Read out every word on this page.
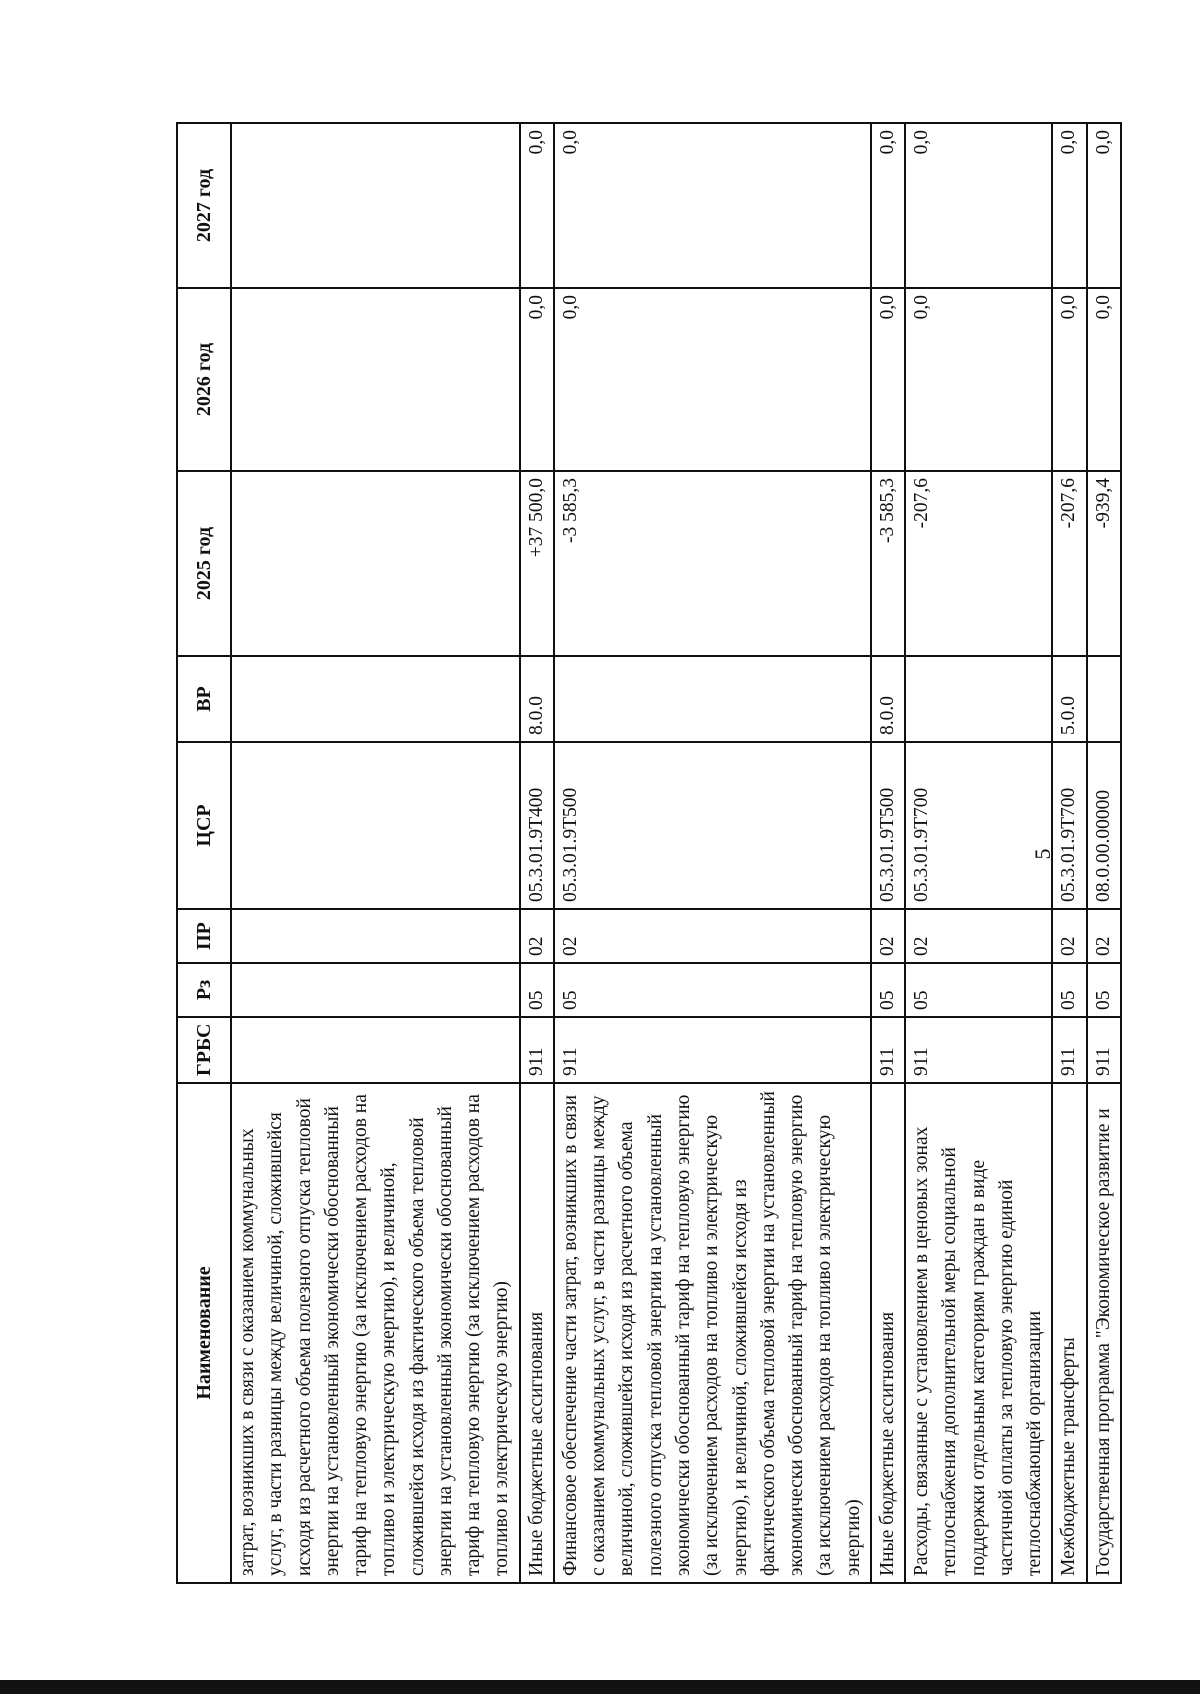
Наименование	ГРБС	Рз	ПР	ЦСР	ВР	2025 год	2026 год	2027 год
затрат, возникших в связи с оказанием коммунальных услуг, в части разницы между величиной, сложившейся исходя из расчетного объема полезного отпуска тепловой энергии на установленный экономически обоснованный тариф на тепловую энергию (за исключением расходов на топливо и электрическую энергию), и величиной, сложившейся исходя из фактического объема тепловой энергии на установленный экономически обоснованный тариф на тепловую энергию (за исключением расходов на топливо и электрическую энергию)								
Иные бюджетные ассигнования	911	05	02	05.3.01.9Т400	8.0.0	+37 500,0	0,0	0,0
Финансовое обеспечение части затрат, возникших в связи с оказанием коммунальных услуг, в части разницы между величиной, сложившейся исходя из расчетного объема полезного отпуска тепловой энергии на установленный экономически обоснованный тариф на тепловую энергию (за исключением расходов на топливо и электрическую энергию), и величиной, сложившейся исходя из фактического объема тепловой энергии на установленный экономически обоснованный тариф на тепловую энергию (за исключением расходов на топливо и электрическую энергию)	911	05	02	05.3.01.9Т500		-3 585,3	0,0	0,0
Иные бюджетные ассигнования	911	05	02	05.3.01.9Т500	8.0.0	-3 585,3	0,0	0,0
Расходы, связанные с установлением в ценовых зонах теплоснабжения дополнительной меры социальной поддержки отдельным категориям граждан в виде частичной оплаты за тепловую энергию единой теплоснабжающей организации	911	05	02	05.3.01.9Т700		-207,6	0,0	0,0
Межбюджетные трансферты	911	05	02	05.3.01.9Т700	5.0.0	-207,6	0,0	0,0
Государственная программа "Экономическое развитие и	911	05	02	08.0.00.00000		-939,4	0,0	0,0
5
